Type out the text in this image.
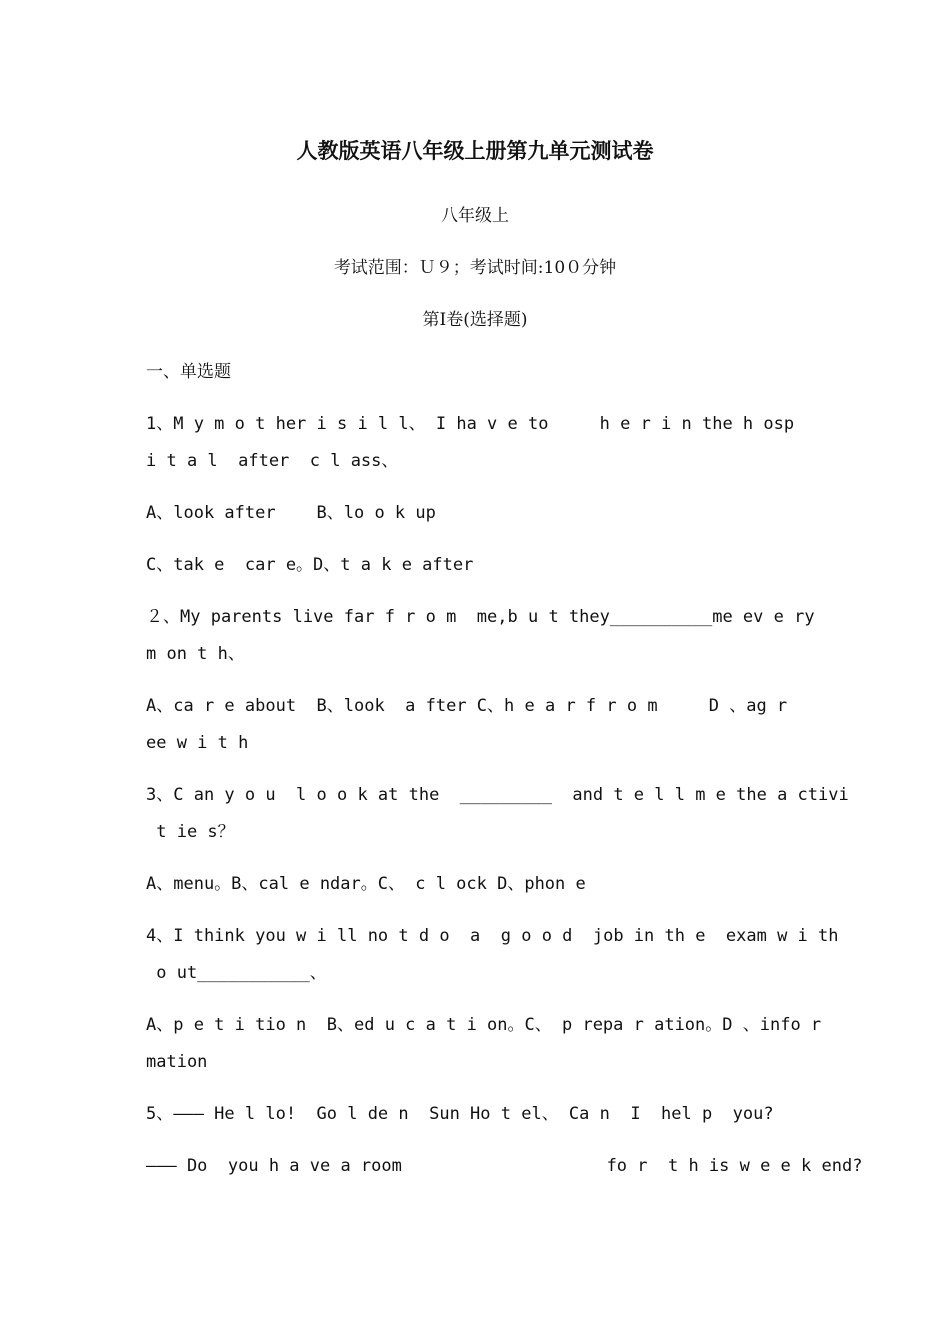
人教版英语八年级上册第九单元测试卷
八年级上
考试范围：Ｕ９；考试时间:10０分钟
第Ⅰ卷(选择题)
一、单选题
1、M y m o t her i s i l l、 I ha v e to     h e r i n the h osp
i t a l  after  c l ass、
A、look after    B、lo o k up
C、tak e  car e。D、t a k e after
２、My parents live far f r o m  me,b u t they__________me ev e ry
m on t h、
A、ca r e about  B、look  a fter C、h e a r f r o m     D 、ag r
ee w i t h
3、C an y o u  l o o k at the  _________  and t e l l m e the a ctivi
t ie s？
A、menu。B、cal e ndar。C、 c l ock D、phon e
4、I think you w i ll no t d o  a  g o o d  job in th e  exam w i th
o ut___________、
A、p e t i tio n  B、ed u c a t i on。C、 p repa r ation。D 、info r
mation
5、——— He l lo!  Go l de n  Sun Ho t el、 Ca n  I  hel p  you?
——— Do  you h a ve a room                    fo r  t h is w e e k end?
